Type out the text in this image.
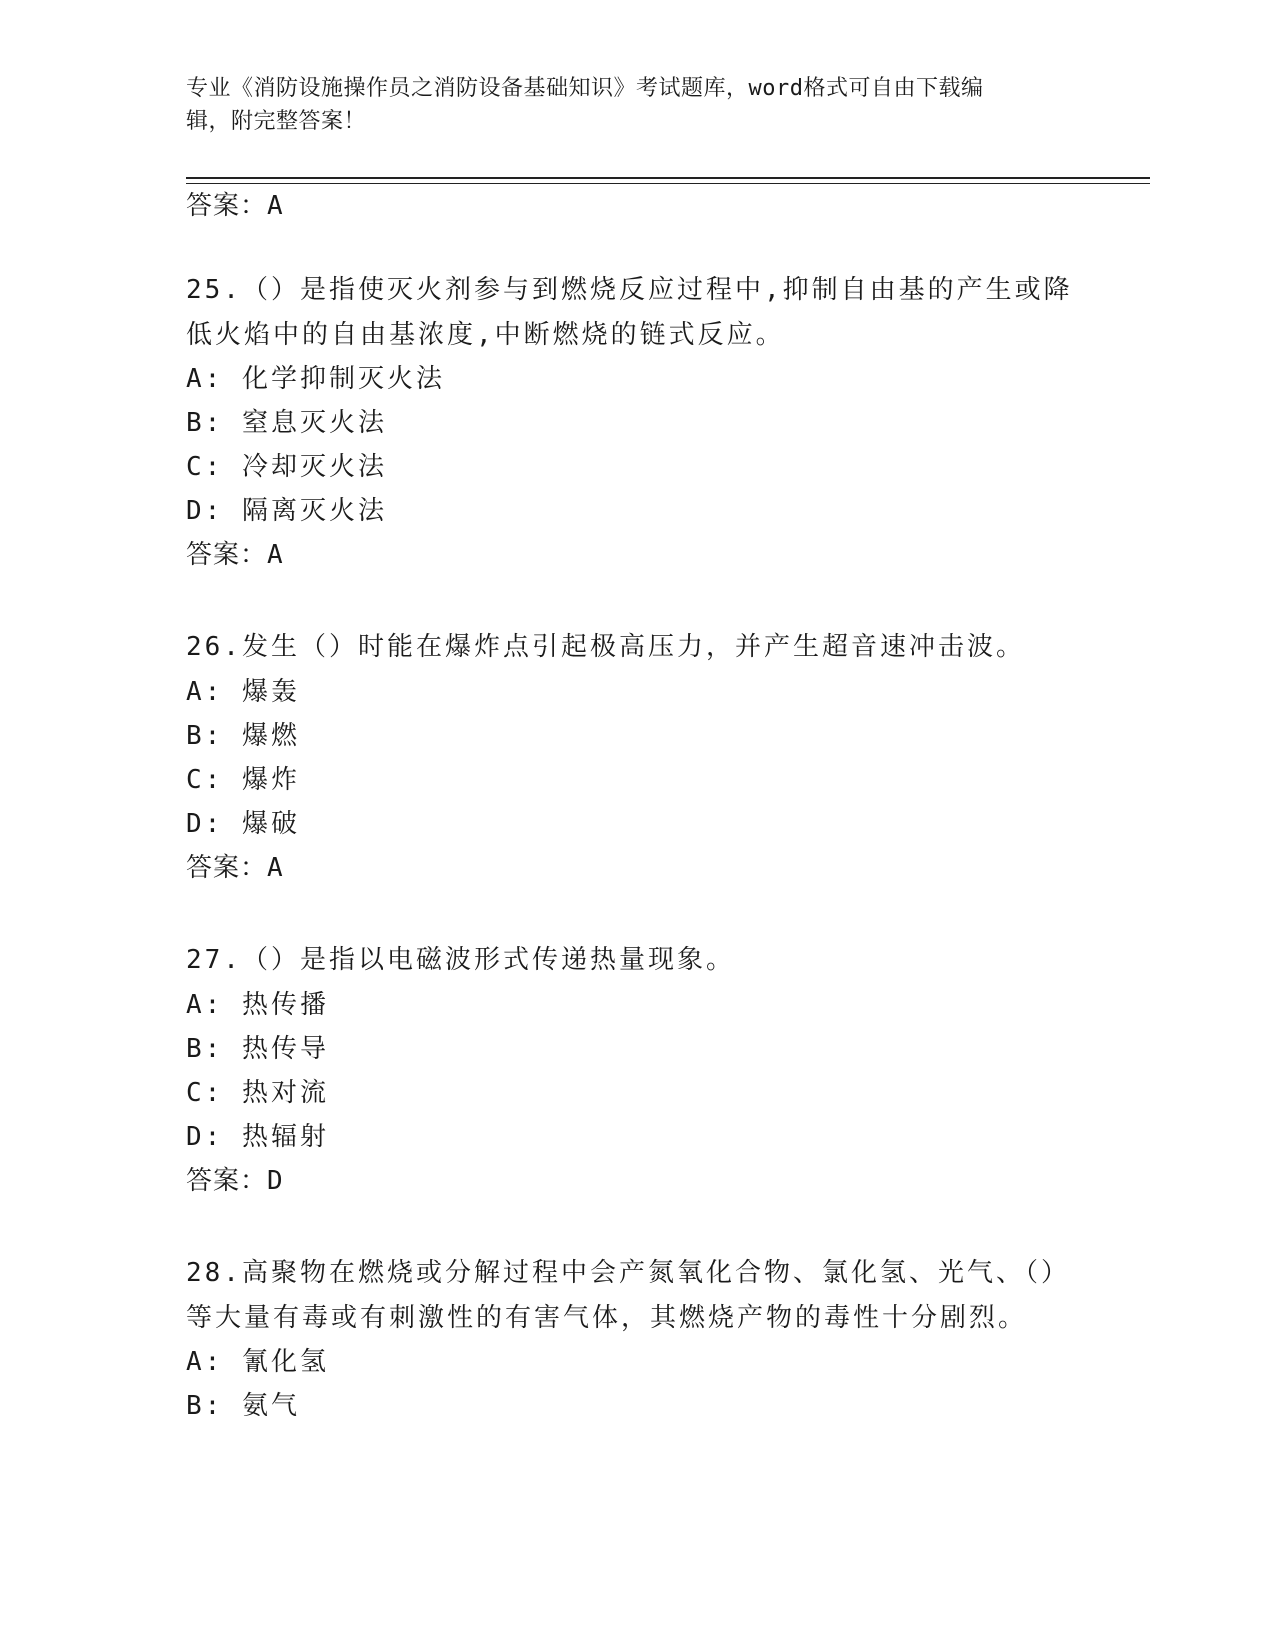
专业《消防设施操作员之消防设备基础知识》考试题库，word格式可自由下载编
辑，附完整答案！
答案：A
25.（）是指使灭火剂参与到燃烧反应过程中,抑制自由基的产生或降
低火焰中的自由基浓度,中断燃烧的链式反应。
A: 化学抑制灭火法
B: 窒息灭火法
C: 冷却灭火法
D: 隔离灭火法
答案：A
26.发生（）时能在爆炸点引起极高压力，并产生超音速冲击波。
A: 爆轰
B: 爆燃
C: 爆炸
D: 爆破
答案：A
27.（）是指以电磁波形式传递热量现象。
A: 热传播
B: 热传导
C: 热对流
D: 热辐射
答案：D
28.高聚物在燃烧或分解过程中会产氮氧化合物、氯化氢、光气、（）
等大量有毒或有刺激性的有害气体，其燃烧产物的毒性十分剧烈。
A: 氰化氢
B: 氨气
